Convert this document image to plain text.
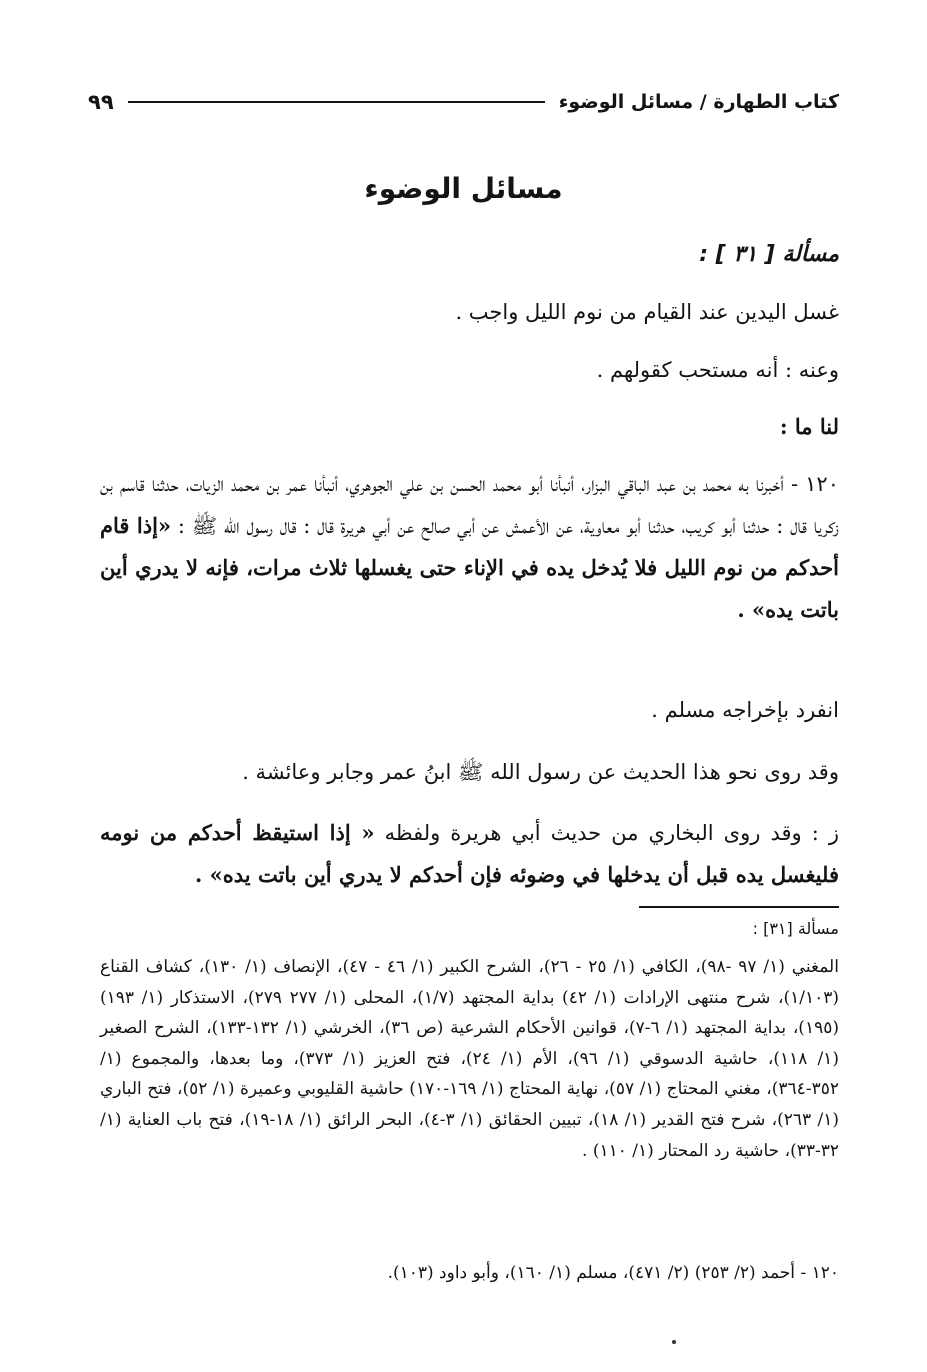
كتاب الطهارة / مسائل الوضوء
٩٩
مسائل الوضوء
مسألة [ ٣١ ] :
غسل اليدين عند القيام من نوم الليل واجب .
وعنه : أنه مستحب كقولهم .
لنا ما :
١٢٠ - أخبرنا به محمد بن عبد الباقي البزار، أنبأنا أبو محمد الحسن بن علي الجوهري، أنبأنا عمر بن محمد الزيات، حدثنا قاسم بن زكريا قال : حدثنا أبو كريب، حدثنا أبو معاوية، عن الأعمش عن أبي صالح عن أبي هريرة قال : قال رسول الله ﷺ : «إذا قام أحدكم من نوم الليل فلا يُدخل يده في الإناء حتى يغسلها ثلاث مرات، فإنه لا يدري أين باتت يده» .
انفرد بإخراجه مسلم .
وقد روى نحو هذا الحديث عن رسول الله ﷺ ابنُ عمر وجابر وعائشة .
ز : وقد روى البخاري من حديث أبي هريرة ولفظه « إذا استيقظ أحدكم من نومه فليغسل يده قبل أن يدخلها في وضوئه فإن أحدكم لا يدري أين باتت يده» .
مسألة [٣١] :
المغني (١/ ٩٧ -٩٨)، الكافي (١/ ٢٥ - ٢٦)، الشرح الكبير (١/ ٤٦ - ٤٧)، الإنصاف (١/ ١٣٠)، كشاف القناع (١/١٠٣)، شرح منتهى الإرادات (١/ ٤٢) بداية المجتهد (١/٧)، المحلى (١/ ٢٧٧ ٢٧٩)، الاستذكار (١/ ١٩٣) (١٩٥)، بداية المجتهد (١/ ٦-٧)، قوانين الأحكام الشرعية (ص ٣٦)، الخرشي (١/ ١٣٢-١٣٣)، الشرح الصغير (١/ ١١٨)، حاشية الدسوقي (١/ ٩٦)، الأم (١/ ٢٤)، فتح العزيز (١/ ٣٧٣)، وما بعدها، والمجموع (١/ ٣٥٢-٣٦٤)، مغني المحتاج (١/ ٥٧)، نهاية المحتاج (١/ ١٦٩-١٧٠) حاشية القليوبي وعميرة (١/ ٥٢)، فتح الباري (١/ ٢٦٣)، شرح فتح القدير (١/ ١٨)، تبيين الحقائق (١/ ٣-٤)، البحر الرائق (١/ ١٨-١٩)، فتح باب العناية (١/ ٣٢-٣٣)، حاشية رد المحتار (١/ ١١٠) .
١٢٠ - أحمد (٢/ ٢٥٣) (٢/ ٤٧١)، مسلم (١/ ١٦٠)، وأبو داود (١٠٣).
